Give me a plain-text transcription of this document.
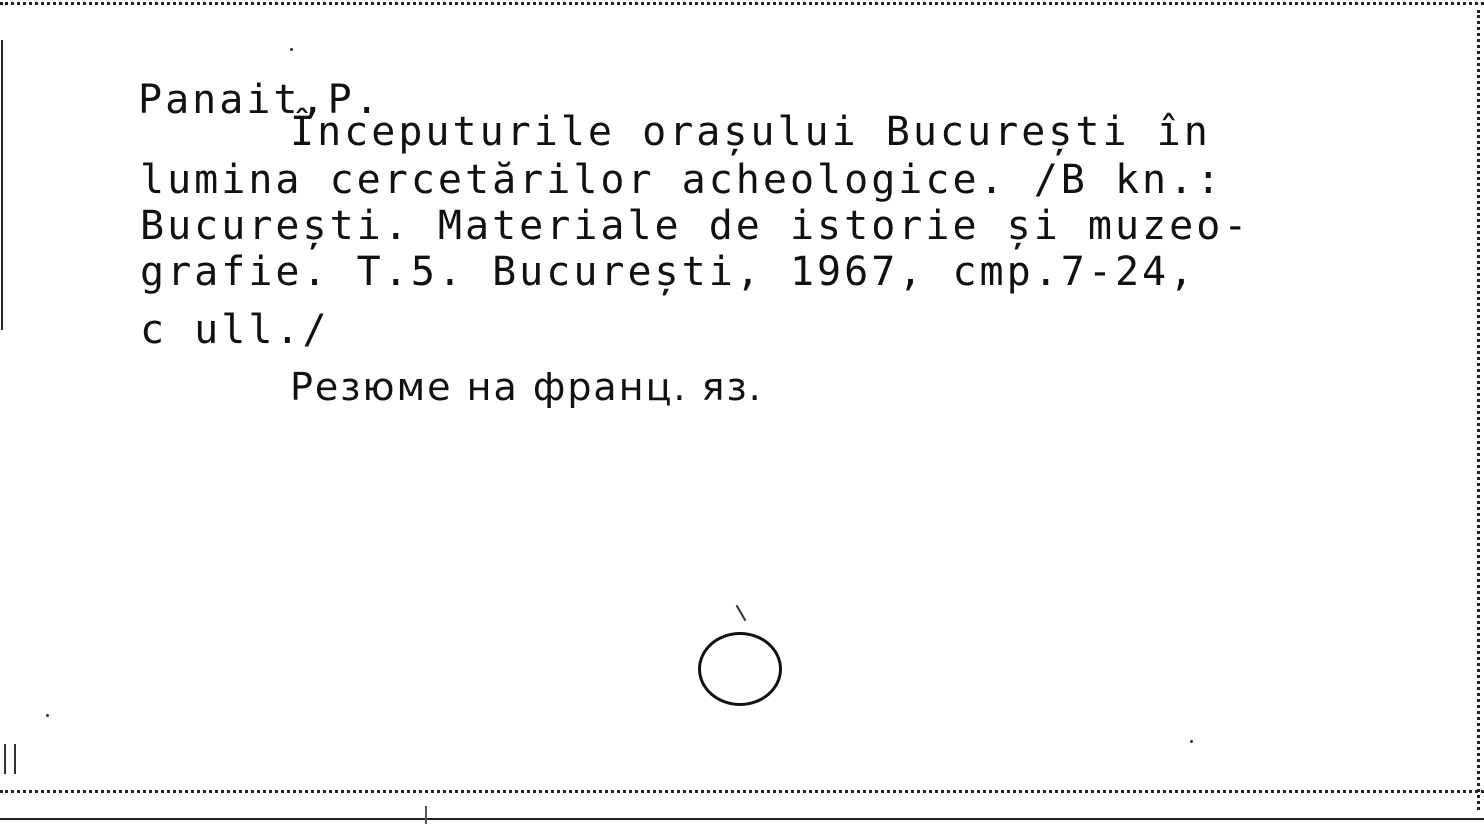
Panait,P.
Începuturile orașului București în
lumina cercetărilor acheologice. /B kn.:
București. Materiale de istorie și muzeo-
grafie. T.5. București, 1967, cmp.7-24,
c ull./
Резюме на франц. яз.
